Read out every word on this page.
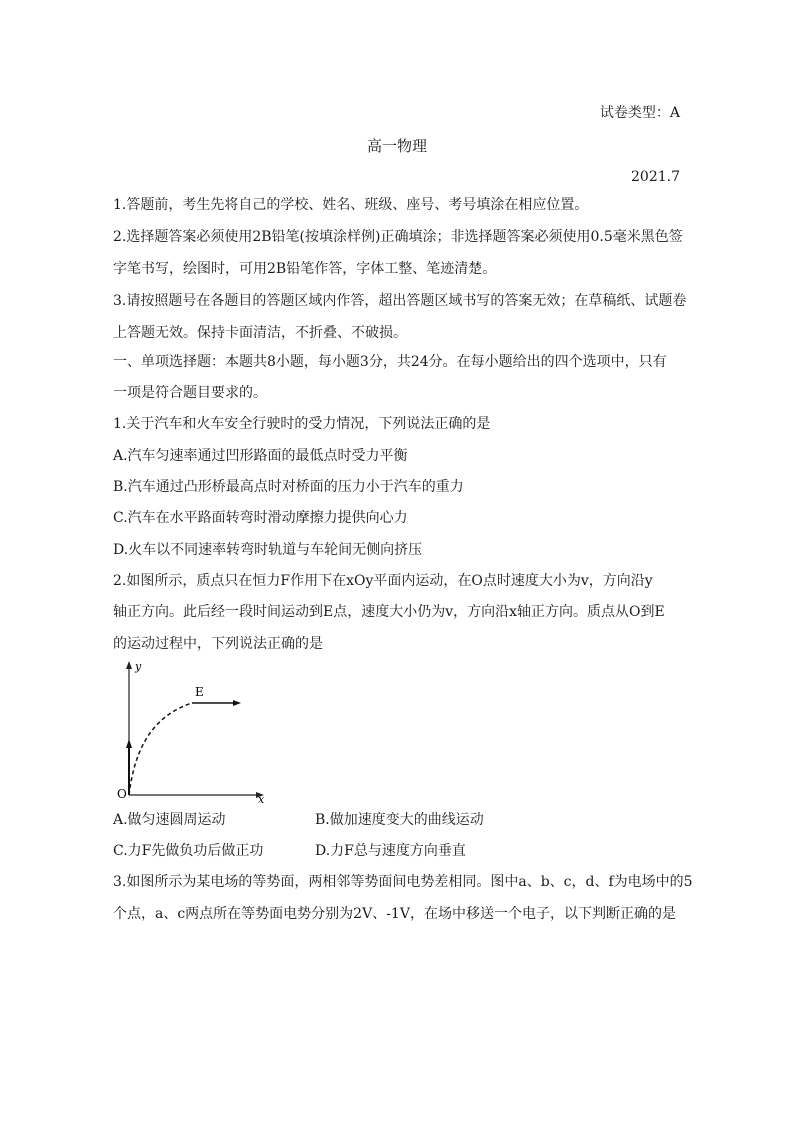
试卷类型：A
高一物理
2021.7
1.答题前，考生先将自己的学校、姓名、班级、座号、考号填涂在相应位置。
2.选择题答案必须使用2B铅笔(按填涂样例)正确填涂；非选择题答案必须使用0.5毫米黑色签
字笔书写，绘图时，可用2B铅笔作答，字体工整、笔迹清楚。
3.请按照题号在各题目的答题区域内作答，超出答题区域书写的答案无效；在草稿纸、试题卷
上答题无效。保持卡面清洁，不折叠、不破损。
一、单项选择题：本题共8小题，每小题3分，共24分。在每小题给出的四个选项中，只有
一项是符合题目要求的。
1.关于汽车和火车安全行驶时的受力情况，下列说法正确的是
A.汽车匀速率通过凹形路面的最低点时受力平衡
B.汽车通过凸形桥最高点时对桥面的压力小于汽车的重力
C.汽车在水平路面转弯时滑动摩擦力提供向心力
D.火车以不同速率转弯时轨道与车轮间无侧向挤压
2.如图所示，质点只在恒力F作用下在xOy平面内运动，在O点时速度大小为v，方向沿y
轴正方向。此后经一段时间运动到E点，速度大小仍为v，方向沿x轴正方向。质点从O到E
的运动过程中，下列说法正确的是
y
x
O
E
A.做匀速圆周运动	B.做加速度变大的曲线运动
C.力F先做负功后做正功	D.力F总与速度方向垂直
3.如图所示为某电场的等势面，两相邻等势面间电势差相同。图中a、b、c，d、f为电场中的5
个点，a、c两点所在等势面电势分别为2V、-1V，在场中移送一个电子，以下判断正确的是
